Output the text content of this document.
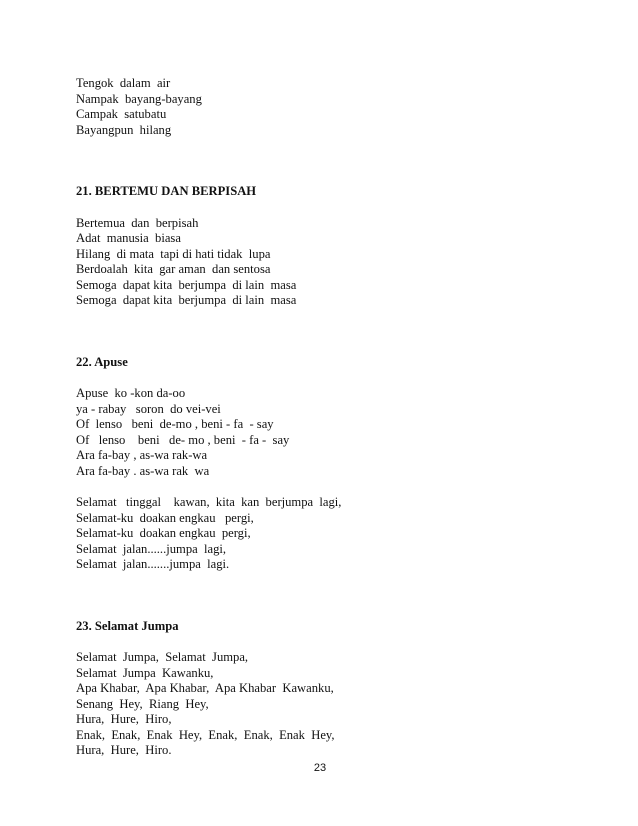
Tengok  dalam  air

Nampak  bayang-bayang

Campak  satubatu

Bayangpun  hilang

21. BERTEMU DAN BERPISAH

Bertemua  dan  berpisah

Adat  manusia  biasa

Hilang  di mata  tapi di hati tidak  lupa

Berdoalah  kita  gar aman  dan sentosa

Semoga  dapat kita  berjumpa  di lain  masa

Semoga  dapat kita  berjumpa  di lain  masa

22. Apuse

Apuse  ko -kon da-oo

ya - rabay   soron  do vei-vei

Of  lenso   beni  de-mo , beni - fa  - say

Of   lenso    beni   de- mo , beni  - fa -  say

Ara fa-bay , as-wa rak-wa

Ara fa-bay . as-wa rak  wa

Selamat   tinggal    kawan,  kita  kan  berjumpa  lagi,

Selamat-ku  doakan engkau   pergi,

Selamat-ku  doakan engkau  pergi,

Selamat  jalan......jumpa  lagi,

Selamat  jalan.......jumpa  lagi.

23. Selamat Jumpa

Selamat  Jumpa,  Selamat  Jumpa,

Selamat  Jumpa  Kawanku,

Apa Khabar,  Apa Khabar,  Apa Khabar  Kawanku,

Senang  Hey,  Riang  Hey,

Hura,  Hure,  Hiro,

Enak,  Enak,  Enak  Hey,  Enak,  Enak,  Enak  Hey,

Hura,  Hure,  Hiro.

23
